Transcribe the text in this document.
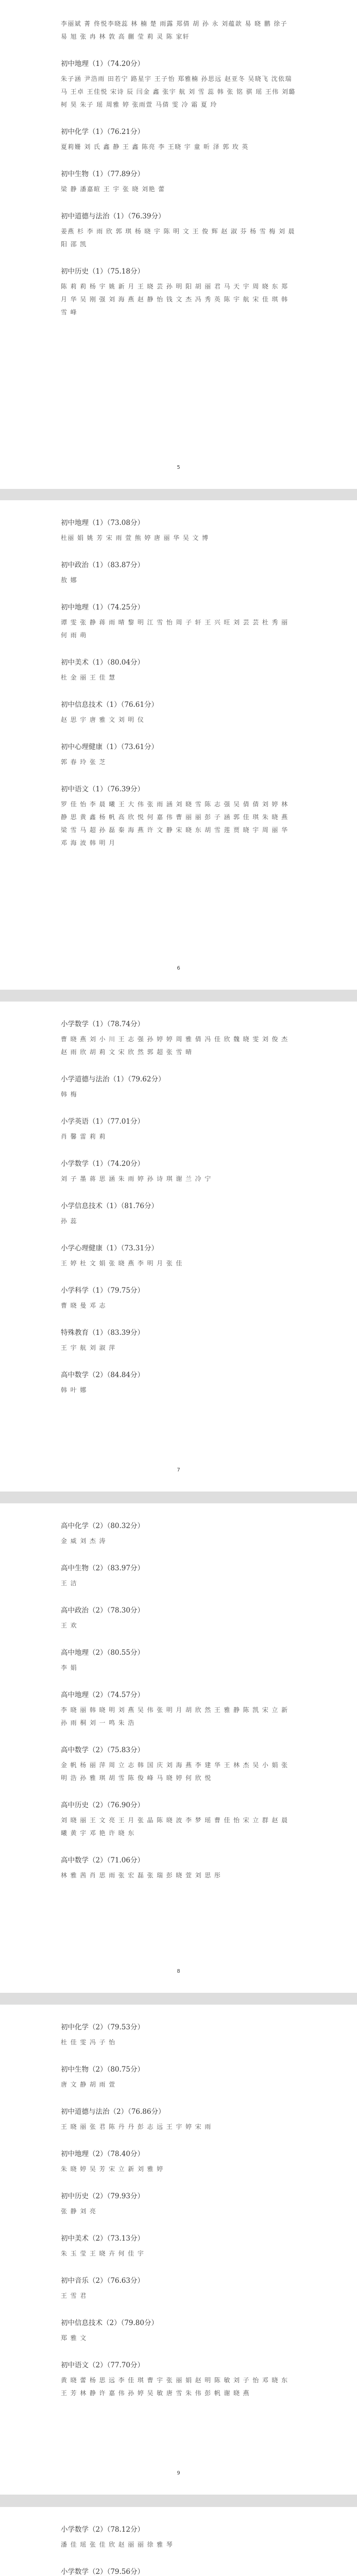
李丽斌 菁 佟悦李晓蕊 林 楠 楚 雨露 郑倩 胡 孙 永 刘蕴歆 易 晓 鹏 徐子 易 旭 张 冉 林 敦 高 蒯 莹 莉 灵 陈 家轩

初中地理（1）（74.20分）

朱子涵 尹浩雨 田若宁 路星宇 王子怡 郑雅楠 孙思远 赵亚冬 吴晓飞 沈依瑞 马 王卓 王佳悦 宋诗 辰 闫金 鑫 张宇 航 刘 雪 蕊 韩 张 铭 骐 瑶 王伟 刘璐 柯 昊 朱子 瑶 周雅 婷 张雨萱 马倩 雯 冷 霜 夏 玲

初中化学（1）（76.21分）

夏莉姗 刘 氏 鑫 静 王 鑫 陈亮 李 王晓 宇 童 昕 泽 郭 玫 英

初中生物（1）（77.89分）

梁 静 潘嘉暄 王 宇 张 晓 刘艳 蕾

初中道德与法治（1）（76.39分）

姜燕 杉 李 雨 欣 郭 琪 杨 晓 宇 陈 明 文 王 俊 辉 赵 淑 芬 杨 雪 梅 刘 晨 阳 邵 凯

初中历史（1）（75.18分）

陈 莉 莉 杨 宇 姚 新 月 王 晓 芸 孙 明 阳 胡 丽 君 马 天 宇 周 晓 东 郑 月 华 吴 刚 强 刘 海 燕 赵 静 怡 钱 文 杰 冯 秀 英 陈 宇 航 宋 佳 琪 韩 雪 峰

5
初中地理（1）（73.08分）

杜丽 娟 姚 芳 宋 雨 萱 熊 婷 唐 丽 华 吴 文 博

初中政治（1）（83.87分）

敖 娜

初中地理（1）（74.25分）

谭 雯 张 静 蒋 雨 晴 黎 明 江 雪 怡 周 子 轩 王 兴 旺 刘 芸 芸 杜 秀 丽 何 雨 萌

初中美术（1）（80.04分）

杜 金 丽 王 佳 慧

初中信息技术（1）（76.61分）

赵 思 宇 唐 雅 文 刘 明 仪

初中心理健康（1）（73.61分）

郭 春 玲 张 芝

初中语文（1）（76.39分）

罗 佳 怡 李 晨 曦 王 大 伟 张 雨 涵 刘 晓 雪 陈 志 强 吴 倩 倩 刘 婷 林 静 思 黄 鑫 杨 帆 高 欣 悦 何 嘉 伟 曹 丽 丽 彭 子 涵 郭 佳 琪 朱 晓 燕 梁 雪 马 超 孙 磊 秦 海 燕 许 文 静 宋 晓 东 胡 雪 莲 贾 晓 宇 周 丽 华 邓 海 波 韩 明 月

6
小学数学（1）（78.74分）

曹 晓 燕 刘 小 川 王 志 强 孙 婷 婷 周 雅 倩 冯 佳 欣 魏 晓 雯 刘 俊 杰 赵 雨 欣 胡 莉 文 宋 欣 然 郭 超 张 雪 晴

小学道德与法治（1）（79.62分）

韩 梅

小学英语（1）（77.01分）

肖 馨 雷 莉 莉

小学数学（1）（74.20分）

刘 子 墨 蒋 思 涵 朱 雨 婷 孙 诗 琪 谢 兰 冷 宁

小学信息技术（1）（81.76分）

孙 蕊

小学心理健康（1）（73.31分）

王 婷 杜 文 娟 张 晓 燕 李 明 月 张 佳

小学科学（1）（79.75分）

曹 晓 曼 邓 志

特殊教育（1）（83.39分）

王 宇 航 刘 淑 萍

高中数学（2）（84.84分）

韩 叶 娜

7
高中化学（2）（80.32分）

金 威 刘 杰 涛

高中生物（2）（83.97分）

王 洁

高中政治（2）（78.30分）

王 欢

高中地理（2）（80.55分）

李 娟

高中地理（2）（74.57分）

李 晓 丽 韩 晓 明 刘 燕 吴 伟 张 明 月 胡 欣 然 王 雅 静 陈 凯 宋 立 新 孙 雨 桐 刘 一 鸣 朱 浩

高中数学（2）（75.83分）

金 帆 杨 丽 萍 周 立 志 韩 国 庆 刘 海 燕 李 建 华 王 林 杰 吴 小 娟 张 明 浩 孙 雅 琪 胡 雪 陈 俊 峰 马 晓 婷 何 欣 悦

高中历史（2）（76.90分）

刘 晓 丽 王 文 亮 王 月 张 晶 陈 晓 波 李 梦 瑶 曹 佳 怡 宋 立 群 赵 晨 曦 黄 宇 邓 艳 许 晓 东

高中数学（2）（71.06分）

林 雅 茜 肖 思 雨 张 宏 磊 张 瑞 彭 晓 萱 刘 思 彤

8
初中化学（2）（79.53分）

杜 佳 雯 冯 子 怡

初中生物（2）（80.75分）

唐 文 静 胡 雨 萱

初中道德与法治（2）（76.86分）

王 晓 丽 张 君 陈 丹 丹 彭 志 远 王 宇 婷 宋 雨

初中地理（2）（78.40分）

朱 晓 婷 吴 芳 宋 立 新 刘 雅 婷

初中历史（2）（79.93分）

张 静 刘 亮

初中美术（2）（73.13分）

朱 玉 莹 王 晓 卉 何 佳 宇

初中音乐（2）（76.63分）

王 雪 君

初中信息技术（2）（79.80分）

郑 雅 文

初中语文（2）（77.70分）

黄 晓 蕾 杨 思 远 李 佳 琪 曹 宇 张 丽 娟 赵 明 陈 敏 刘 子 怡 邓 晓 东 王 芳 林 静 许 嘉 伟 孙 婷 吴 敏 唐 雪 朱 伟 彭 帆 谢 晓 燕

9
小学数学（2）（78.12分）

潘 佳 瑶 张 佳 欣 赵 丽 丽 徐 雅 琴

小学数学（2）（79.56分）
